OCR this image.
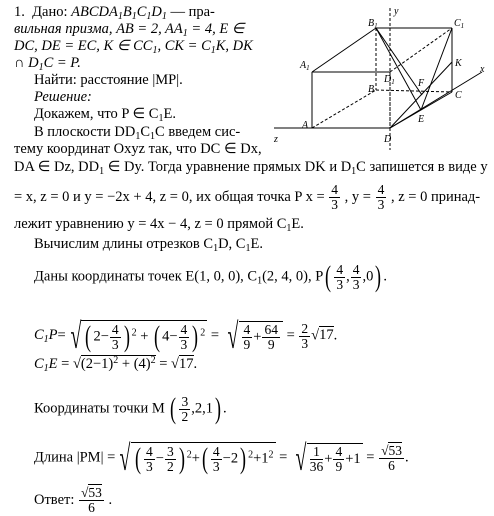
1. Дано: $ABCDA_1B_1C_1D_1$ — пра-
вильная призма, AB = 2, $AA_1 = 4$, E ∈
DC, DE = EC, K ∈ $CC_1$, CK = $C_1K$, DK
∩ $D_1C = P$.
Найти: расстояние |MP|.
Решение:
Докажем, что P ∈ $C_1E$.
В плоскости $DD_1C_1C$ введем сис-
тему координат Oxyz так, что DC ∈ Dx,
DA ∈ Dz, $DD_1$ ∈ Dy. Тогда уравнение прямых DK и $D_1C$ запишется в виде y
= x, z = 0 и y = −2x + 4, z = 0, их общая точка P $x = \frac{4}{3}$ , $y = \frac{4}{3}$ , z = 0 принад-
лежит уравнению y = 4x − 4, z = 0 прямой $C_1E$.
Вычислим длины отрезков $C_1D$, $C_1E$.
Даны координаты точек E(1, 0, 0), $C_1(2$, 4, 0), $P( \frac{4}{3}$ , $\frac{4}{3} ,0$) .
$C_1P=$ √ ( $2- \frac{4}{3}$ ) $^2$ + ( $4- \frac{4}{3}$ ) $^2$ = √ $\frac{4}{9} + \frac{64}{9} = \frac{2}{3} √17$.
$C_1E = √(2-1)^2 + (4)^2 = √17$.
Координаты точки M ( $\frac{3}{2} ,2,1$) .
Длина |PM| = √ ( $\frac{4}{3} - \frac{3}{2}$ ) $^2+( \frac{4}{3} -2)$ $^2+1^2$ = √ $\frac{1}{36} + \frac{4}{9} +1 = \frac{√53}{6}$ .
Ответ: $\frac{√53}{6}$ .
$B_1$	$C_1$
y
$A_1$	K
x
B
F
$D_1$
C
A
E
z	D
